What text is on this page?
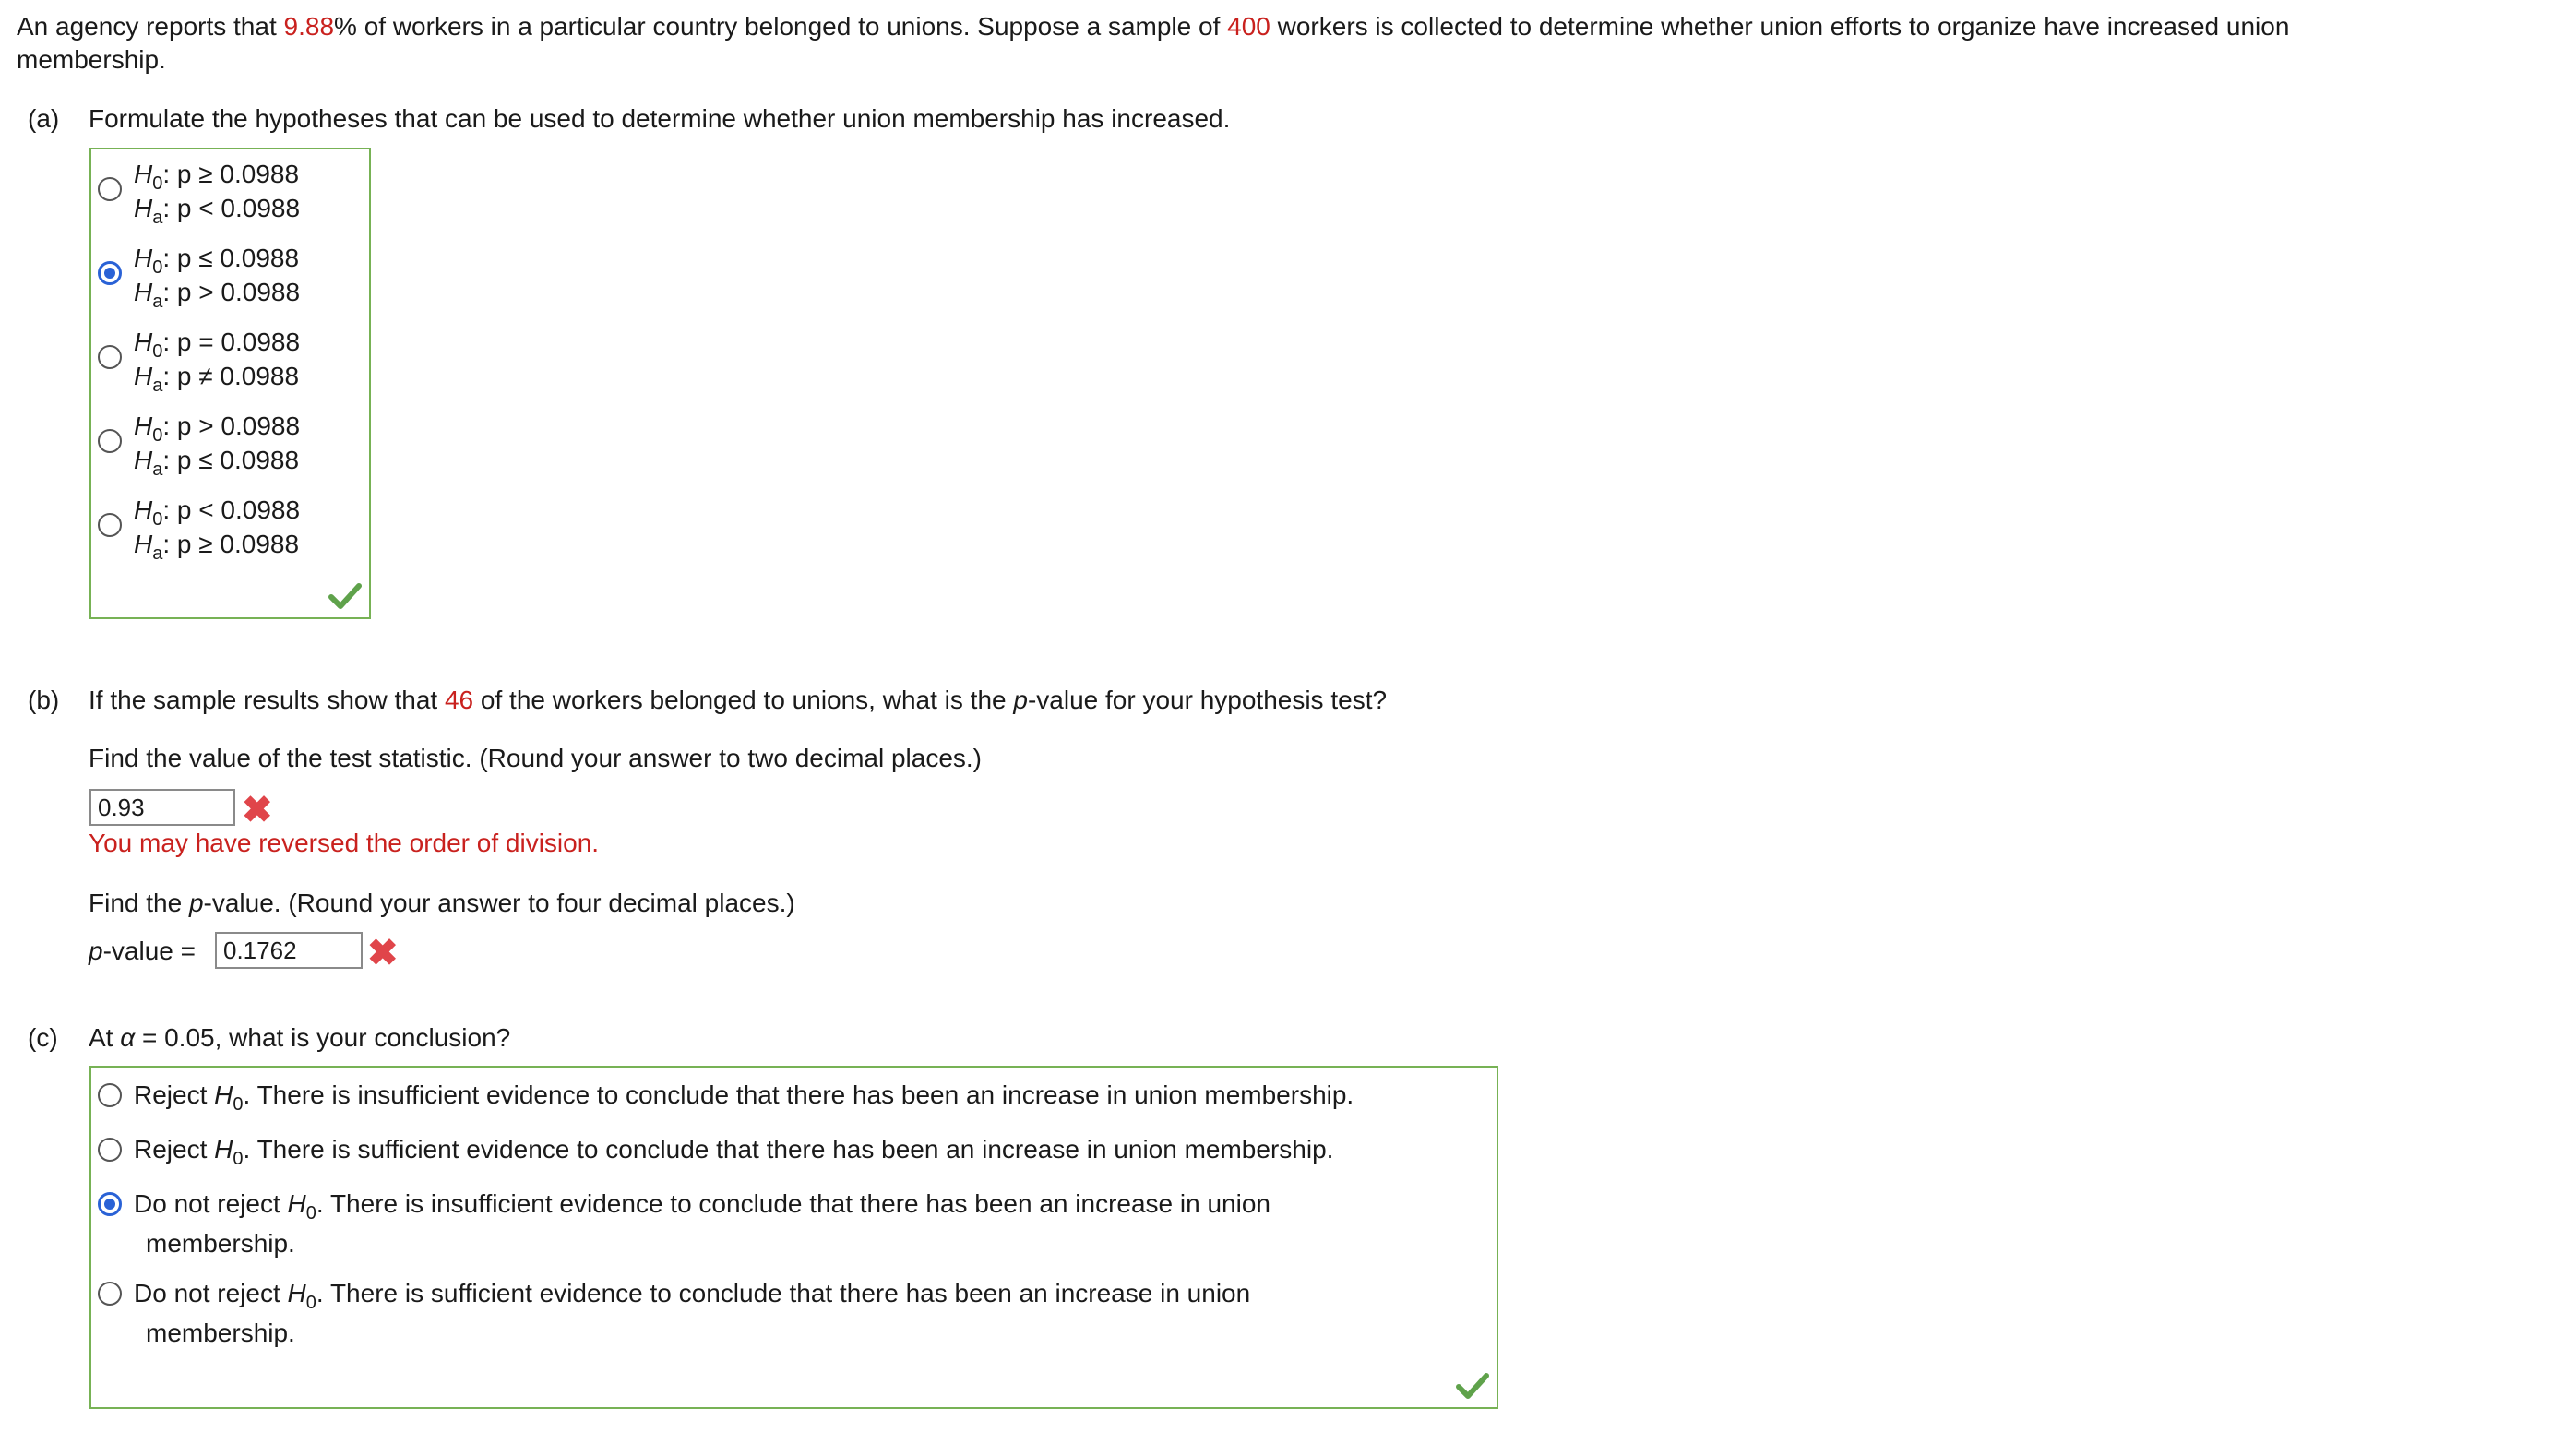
An agency reports that 9.88% of workers in a particular country belonged to unions. Suppose a sample of 400 workers is collected to determine whether union efforts to organize have increased union
membership.
(a) Formulate the hypotheses that can be used to determine whether union membership has increased.
$H_0$: p ≥ 0.0988
$H_a$: p < 0.0988
$H_0$: p ≤ 0.0988
$H_a$: p > 0.0988
$H_0$: p = 0.0988
$H_a$: p ≠ 0.0988
$H_0$: p > 0.0988
$H_a$: p ≤ 0.0988
$H_0$: p < 0.0988
$H_a$: p ≥ 0.0988
(b) If the sample results show that 46 of the workers belonged to unions, what is the p-value for your hypothesis test?
Find the value of the test statistic. (Round your answer to two decimal places.)
0.93
✖
You may have reversed the order of division.
Find the p-value. (Round your answer to four decimal places.)
p-value =
0.1762	✖
(c) At α = 0.05, what is your conclusion?
Reject $H_0$. There is insufficient evidence to conclude that there has been an increase in union membership.
Reject $H_0$. There is sufficient evidence to conclude that there has been an increase in union membership.
Do not reject $H_0$. There is insufficient evidence to conclude that there has been an increase in union
membership.
Do not reject $H_0$. There is sufficient evidence to conclude that there has been an increase in union
membership.
